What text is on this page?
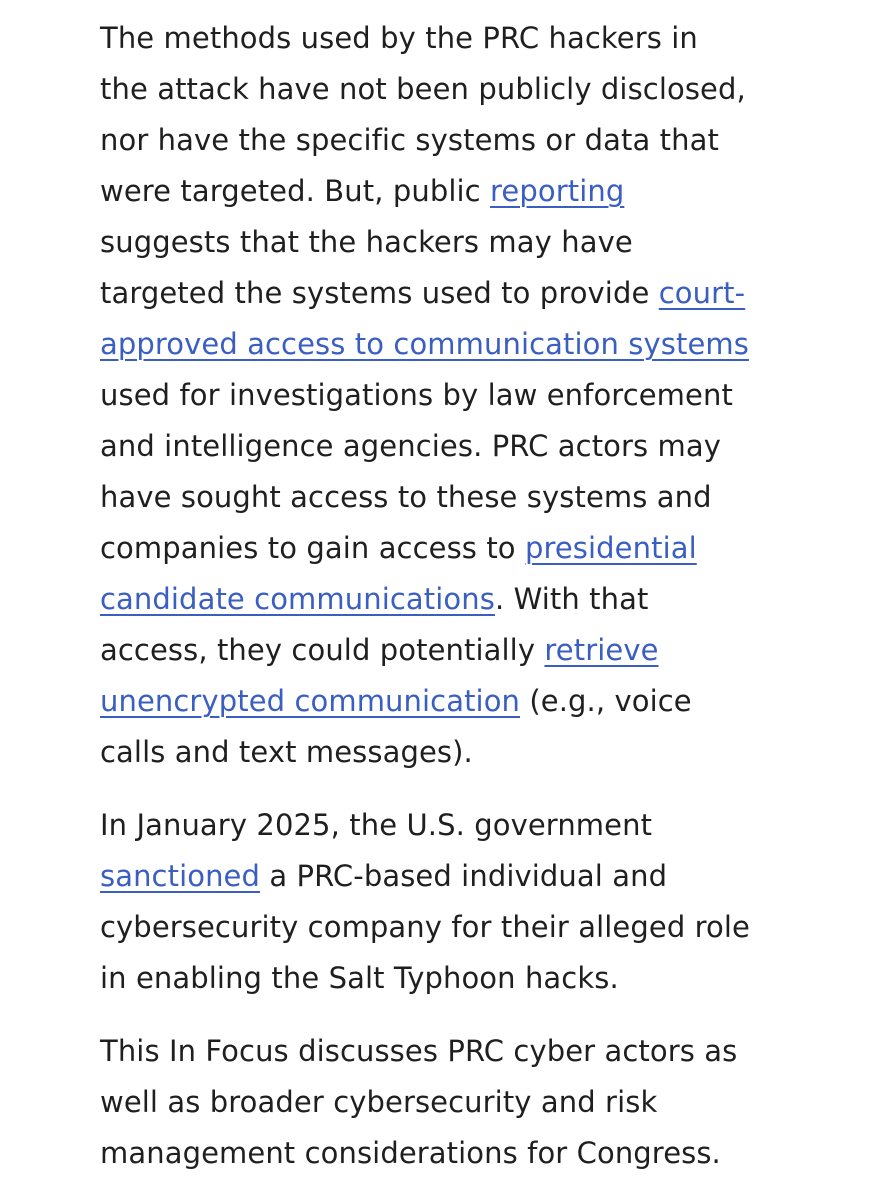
The methods used by the PRC hackers in
the attack have not been publicly disclosed,
nor have the specific systems or data that
were targeted. But, public reporting
suggests that the hackers may have
targeted the systems used to provide court-
approved access to communication systems
used for investigations by law enforcement
and intelligence agencies. PRC actors may
have sought access to these systems and
companies to gain access to presidential
candidate communications. With that
access, they could potentially retrieve
unencrypted communication (e.g., voice
calls and text messages).

In January 2025, the U.S. government
sanctioned a PRC-based individual and
cybersecurity company for their alleged role
in enabling the Salt Typhoon hacks.

This In Focus discusses PRC cyber actors as
well as broader cybersecurity and risk
management considerations for Congress.
